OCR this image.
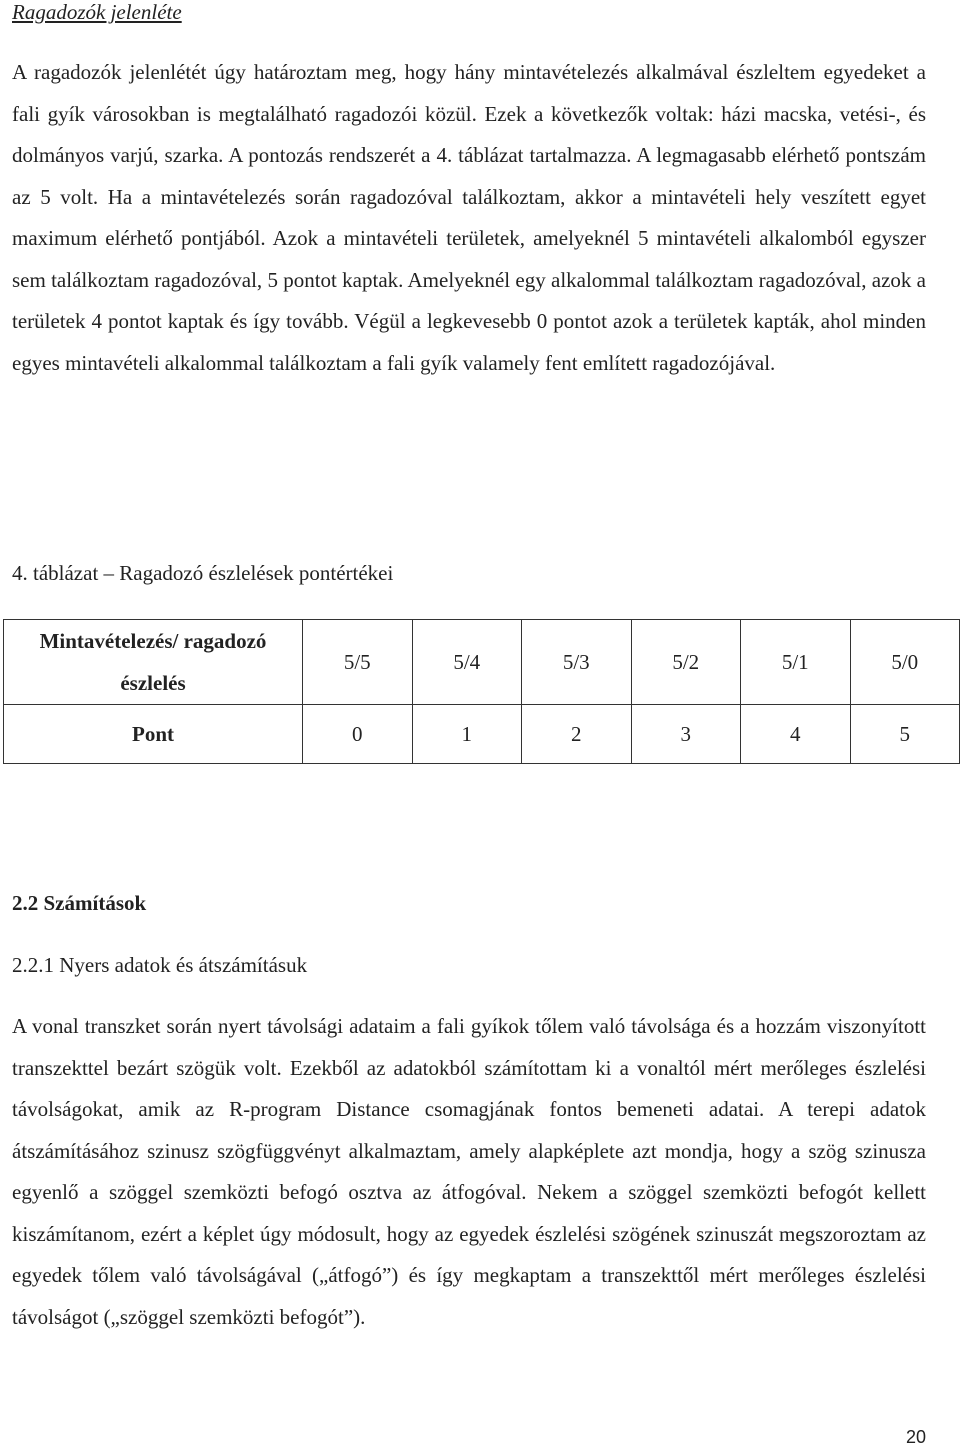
Ragadozók jelenléte

A ragadozók jelenlétét úgy határoztam meg, hogy hány mintavételezés alkalmával észleltem egyedeket a fali gyík városokban is megtalálható ragadozói közül. Ezek a következők voltak: házi macska, vetési-, és dolmányos varjú, szarka. A pontozás rendszerét a 4. táblázat tartalmazza. A legmagasabb elérhető pontszám az 5 volt. Ha a mintavételezés során ragadozóval találkoztam, akkor a mintavételi hely veszített egyet maximum elérhető pontjából. Azok a mintavételi területek, amelyeknél 5 mintavételi alkalomból egyszer sem találkoztam ragadozóval, 5 pontot kaptak. Amelyeknél egy alkalommal találkoztam ragadozóval, azok a területek 4 pontot kaptak és így tovább. Végül a legkevesebb 0 pontot azok a területek kapták, ahol minden egyes mintavételi alkalommal találkoztam a fali gyík valamely fent említett ragadozójával.

4. táblázat – Ragadozó észlelések pontértékei

Mintavételezés/ ragadozó
észlelés	5/5	5/4	5/3	5/2	5/1	5/0
Pont	0	1	2	3	4	5
2.2 Számítások
2.2.1 Nyers adatok és átszámításuk

A vonal transzket során nyert távolsági adataim a fali gyíkok tőlem való távolsága és a hozzám viszonyított transzekttel bezárt szögük volt. Ezekből az adatokból számítottam ki a vonaltól mért merőleges észlelési távolságokat, amik az R-program Distance csomagjának fontos bemeneti adatai. A terepi adatok átszámításához szinusz szögfüggvényt alkalmaztam, amely alapképlete azt mondja, hogy a szög szinusza egyenlő a szöggel szemközti befogó osztva az átfogóval. Nekem a szöggel szemközti befogót kellett kiszámítanom, ezért a képlet úgy módosult, hogy az egyedek észlelési szögének szinuszát megszoroztam az egyedek tőlem való távolságával („átfogó”) és így megkaptam a transzekttől mért merőleges észlelési távolságot („szöggel szemközti befogót”).

20
